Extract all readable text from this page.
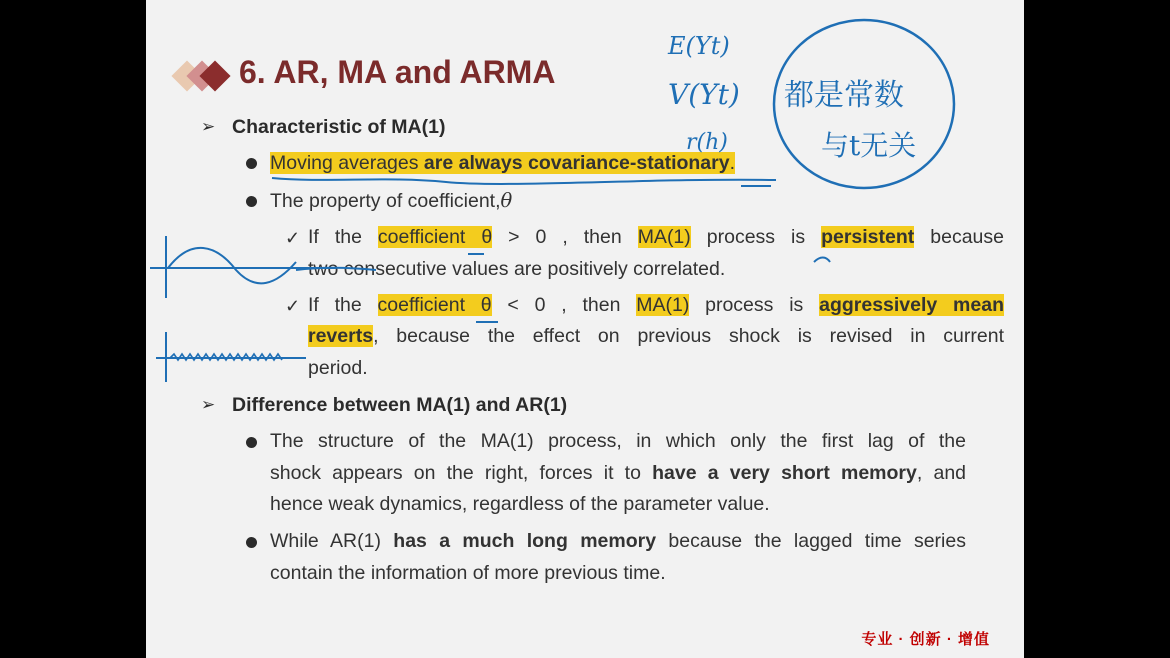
6. AR, MA and ARMA
➢ Characteristic of MA(1)
Moving averages are always covariance-stationary.
The property of coefficient,θ
✓ If the coefficient θ > 0 , then MA(1) process is persistent because
two consecutive values are positively correlated.
✓ If the coefficient θ < 0 , then MA(1) process is aggressively mean
reverts, because the effect on previous shock is revised in current
period.
➢ Difference between MA(1) and AR(1)
The structure of the MA(1) process, in which only the first lag of the
shock appears on the right, forces it to have a very short memory, and
hence weak dynamics, regardless of the parameter value.
While AR(1) has a much long memory because the lagged time series
contain the information of more previous time.
E(Yt)
V(Yt)
r(h)
都是常数
与t无关
专业 · 创新 · 增值
